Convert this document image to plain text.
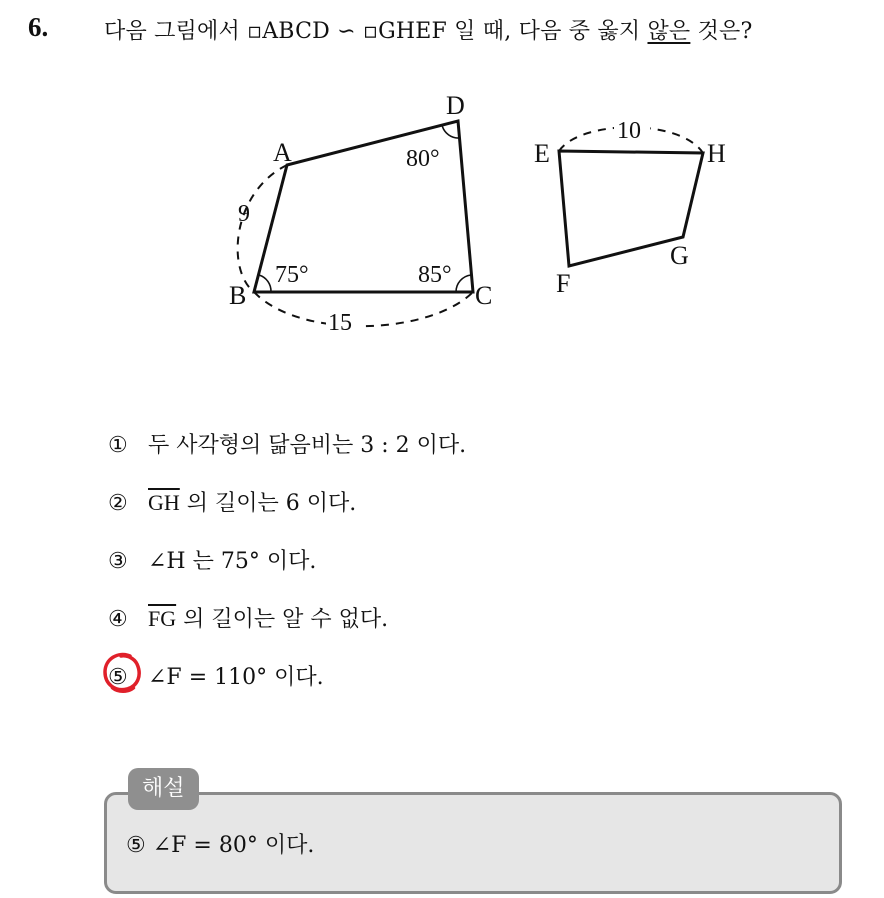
6.	다음 그림에서 ▫ABCD ∽ ▫GHEF 일 때, 다음 중 옳지 않은 것은?
A
B	C
D
75°	85°
80°
9
15
10
E	H
G
F
① 두 사각형의 닮음비는 3 : 2 이다.
② $\overline{GH}$ 의 길이는 6 이다.
③ ∠H 는 75° 이다.
④ $\overline{FG}$ 의 길이는 알 수 없다.
⑤ ∠F = 110° 이다.
해설
⑤ ∠F = 80° 이다.
